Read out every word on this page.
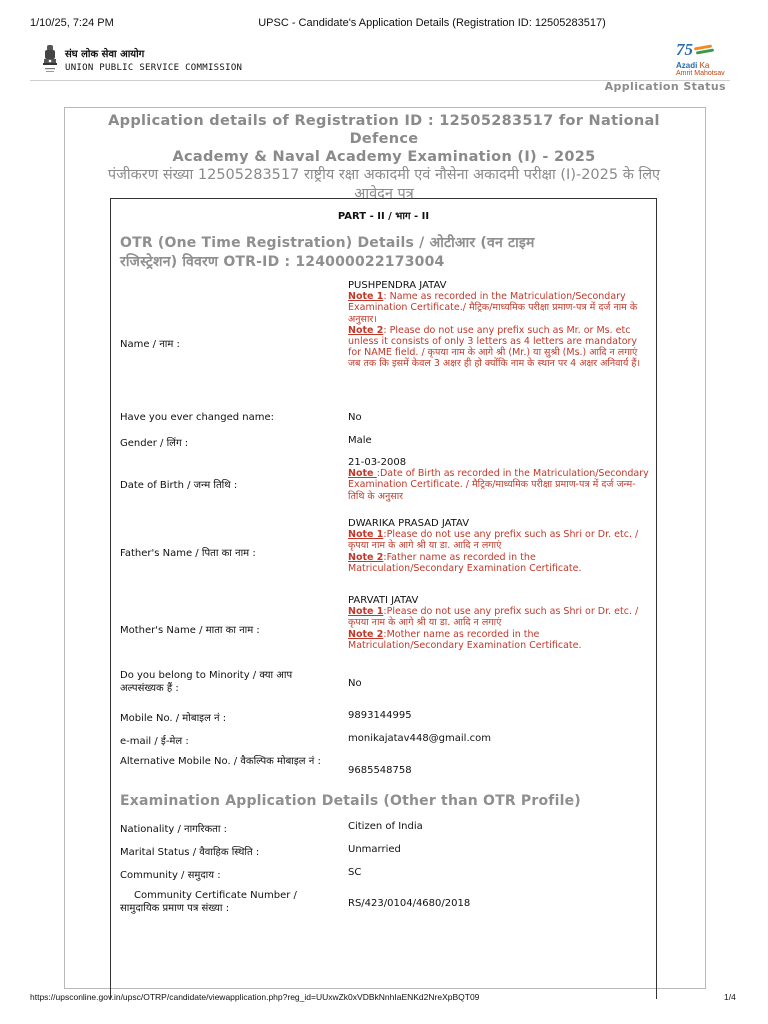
1/10/25, 7:24 PM	UPSC - Candidate's Application Details (Registration ID: 12505283517)
संघ लोक सेवा आयोग
UNION PUBLIC SERVICE COMMISSION
75
Azadi Ka
Amrit Mahotsav
Application Status
Application details of Registration ID : 12505283517 for National Defence
Academy & Naval Academy Examination (I) - 2025
पंजीकरण संख्या 12505283517 राष्ट्रीय रक्षा अकादमी एवं नौसेना अकादमी परीक्षा (I)-2025 के लिए
आवेदन पत्र
PART - II / भाग - II
OTR (One Time Registration) Details / ओटीआर (वन टाइम
रजिस्ट्रेशन) विवरण OTR-ID : 124000022173004
Name / नाम :
PUSHPENDRA JATAV
Note 1: Name as recorded in the Matriculation/Secondary Examination Certificate./ मैट्रिक/माध्यमिक परीक्षा प्रमाण-पत्र में दर्ज नाम के अनुसार।
Note 2: Please do not use any prefix such as Mr. or Ms. etc unless it consists of only 3 letters as 4 letters are mandatory for NAME field. / कृपया नाम के आगे श्री (Mr.) या सुश्री (Ms.) आदि न लगाएं जब तक कि इसमें केवल 3 अक्षर ही हो क्योंकि नाम के स्थान पर 4 अक्षर अनिवार्य हैं।
Have you ever changed name:	No
Gender / लिंग :	Male
Date of Birth / जन्म तिथि :
21-03-2008
Note :Date of Birth as recorded in the Matriculation/Secondary Examination Certificate. / मैट्रिक/माध्यमिक परीक्षा प्रमाण-पत्र में दर्ज जन्म-तिथि के अनुसार
Father's Name / पिता का नाम :
DWARIKA PRASAD JATAV
Note 1:Please do not use any prefix such as Shri or Dr. etc. / कृपया नाम के आगे श्री या डा. आदि न लगाएं
Note 2:Father name as recorded in the Matriculation/Secondary Examination Certificate.
Mother's Name / माता का नाम :
PARVATI JATAV
Note 1:Please do not use any prefix such as Shri or Dr. etc. / कृपया नाम के आगे श्री या डा. आदि न लगाएं
Note 2:Mother name as recorded in the Matriculation/Secondary Examination Certificate.
Do you belong to Minority / क्या आप अल्पसंख्यक हैं :	No
Mobile No. / मोबाइल नं :	9893144995
e-mail / ई-मेल :	monikajatav448@gmail.com
Alternative Mobile No. / वैकल्पिक मोबाइल नं :
9685548758
Examination Application Details (Other than OTR Profile)
Nationality / नागरिकता :	Citizen of India
Marital Status / वैवाहिक स्थिति :	Unmarried
Community / समुदाय :	SC
Community Certificate Number / सामुदायिक प्रमाण पत्र संख्या :	RS/423/0104/4680/2018
https://upsconline.gov.in/upsc/OTRP/candidate/viewapplication.php?reg_id=UUxwZk0xVDBkNnhIaENKd2NreXpBQT09	1/4
